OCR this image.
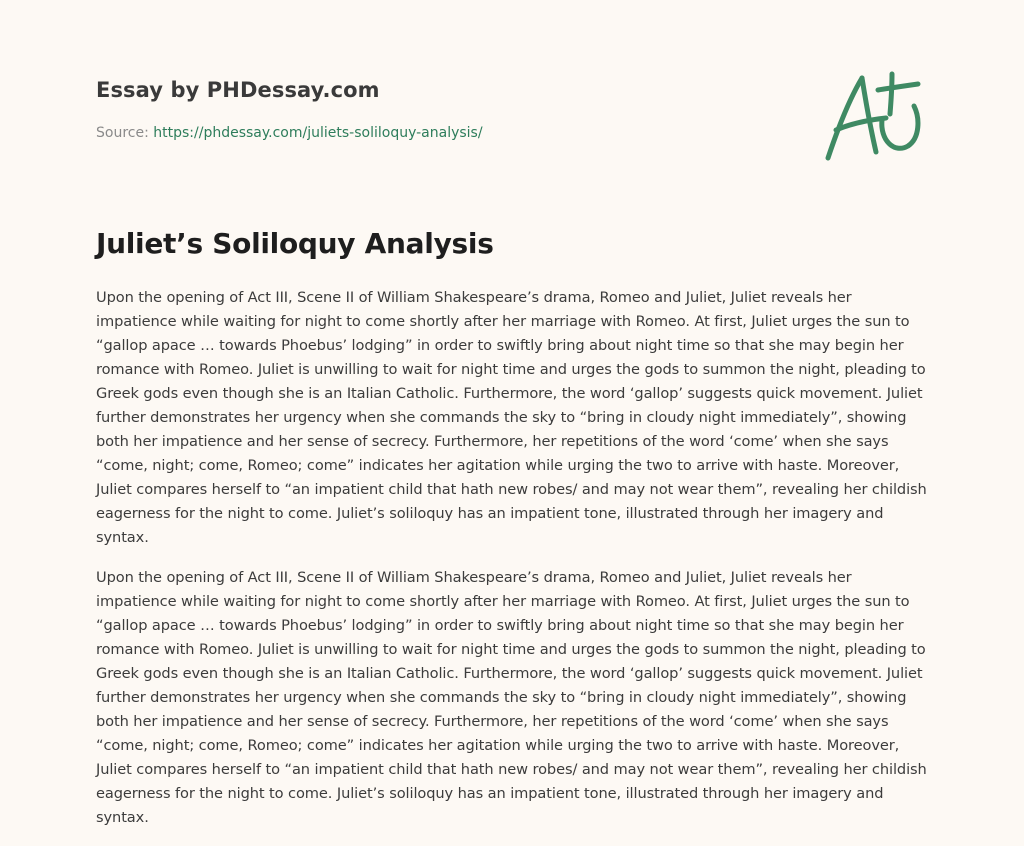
Essay by PHDessay.com
Source: https://phdessay.com/juliets-soliloquy-analysis/
Juliet’s Soliloquy Analysis

Upon the opening of Act III, Scene II of William Shakespeare’s drama, Romeo and Juliet, Juliet reveals her impatience while waiting for night to come shortly after her marriage with Romeo. At first, Juliet urges the sun to “gallop apace … towards Phoebus’ lodging” in order to swiftly bring about night time so that she may begin her romance with Romeo. Juliet is unwilling to wait for night time and urges the gods to summon the night, pleading to Greek gods even though she is an Italian Catholic. Furthermore, the word ‘gallop’ suggests quick movement. Juliet further demonstrates her urgency when she commands the sky to “bring in cloudy night immediately”, showing both her impatience and her sense of secrecy. Furthermore, her repetitions of the word ‘come’ when she says “come, night; come, Romeo; come” indicates her agitation while urging the two to arrive with haste. Moreover, Juliet compares herself to “an impatient child that hath new robes/ and may not wear them”, revealing her childish eagerness for the night to come. Juliet’s soliloquy has an impatient tone, illustrated through her imagery and syntax.

Upon the opening of Act III, Scene II of William Shakespeare’s drama, Romeo and Juliet, Juliet reveals her impatience while waiting for night to come shortly after her marriage with Romeo. At first, Juliet urges the sun to “gallop apace … towards Phoebus’ lodging” in order to swiftly bring about night time so that she may begin her romance with Romeo. Juliet is unwilling to wait for night time and urges the gods to summon the night, pleading to Greek gods even though she is an Italian Catholic. Furthermore, the word ‘gallop’ suggests quick movement. Juliet further demonstrates her urgency when she commands the sky to “bring in cloudy night immediately”, showing both her impatience and her sense of secrecy. Furthermore, her repetitions of the word ‘come’ when she says “come, night; come, Romeo; come” indicates her agitation while urging the two to arrive with haste. Moreover, Juliet compares herself to “an impatient child that hath new robes/ and may not wear them”, revealing her childish eagerness for the night to come. Juliet’s soliloquy has an impatient tone, illustrated through her imagery and syntax.
